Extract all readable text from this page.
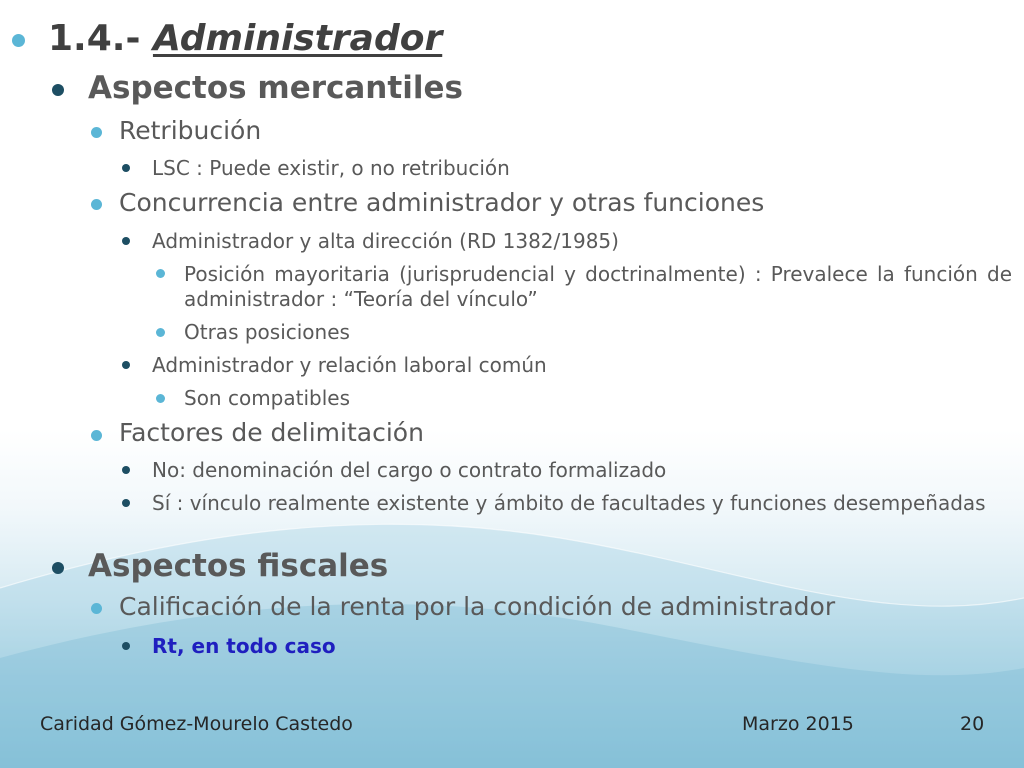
1.4.- Administrador
Aspectos mercantiles
Retribución
LSC : Puede existir, o no retribución
Concurrencia entre administrador y otras funciones
Administrador y alta dirección (RD 1382/1985)
Posición mayoritaria (jurisprudencial y doctrinalmente) : Prevalece la función de administrador : “Teoría del vínculo”
Otras posiciones
Administrador y relación laboral común
Son compatibles
Factores de delimitación
No: denominación del cargo o contrato formalizado
Sí : vínculo realmente existente y ámbito de facultades y funciones desempeñadas
Aspectos fiscales
Calificación de la renta por la condición de administrador
Rt, en todo caso
Caridad Gómez-Mourelo Castedo	Marzo 2015	20
